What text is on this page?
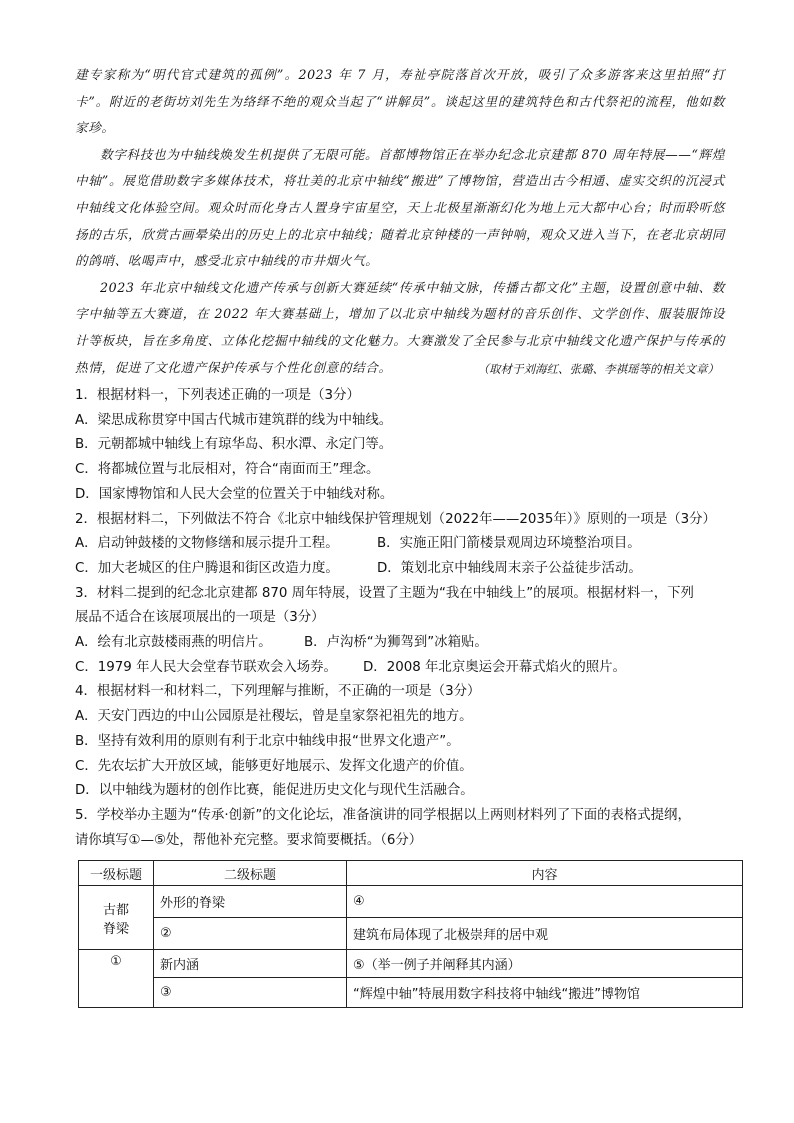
建专家称为“明代官式建筑的孤例”。2023 年 7 月，寿祉亭院落首次开放，吸引了众多游客来这里拍照“打卡”。附近的老街坊刘先生为络绎不绝的观众当起了“讲解员”。谈起这里的建筑特色和古代祭祀的流程，他如数家珍。

数字科技也为中轴线焕发生机提供了无限可能。首都博物馆正在举办纪念北京建都 870 周年特展——“辉煌中轴”。展览借助数字多媒体技术，将壮美的北京中轴线“搬进”了博物馆，营造出古今相通、虚实交织的沉浸式中轴线文化体验空间。观众时而化身古人置身宇宙星空，天上北极星渐渐幻化为地上元大都中心台；时而聆听悠扬的古乐，欣赏古画晕染出的历史上的北京中轴线；随着北京钟楼的一声钟响，观众又进入当下，在老北京胡同的鸽哨、吆喝声中，感受北京中轴线的市井烟火气。

2023 年北京中轴线文化遗产传承与创新大赛延续“传承中轴文脉，传播古都文化”主题，设置创意中轴、数字中轴等五大赛道，在 2022 年大赛基础上，增加了以北京中轴线为题材的音乐创作、文学创作、服装服饰设计等板块，旨在多角度、立体化挖掘中轴线的文化魅力。大赛激发了全民参与北京中轴线文化遗产保护与传承的热情，促进了文化遗产保护传承与个性化创意的结合。	（取材于刘海红、张璐、李祺瑶等的相关文章）
1．根据材料一，下列表述正确的一项是（3分）
A．梁思成称贯穿中国古代城市建筑群的线为中轴线。
B．元朝都城中轴线上有琼华岛、积水潭、永定门等。
C．将都城位置与北辰相对，符合“南面而王”理念。
D．国家博物馆和人民大会堂的位置关于中轴线对称。
2．根据材料二，下列做法不符合《北京中轴线保护管理规划（2022年——2035年）》原则的一项是（3分）
A．启动钟鼓楼的文物修缮和展示提升工程。	B．实施正阳门箭楼景观周边环境整治项目。
C．加大老城区的住户腾退和街区改造力度。	D．策划北京中轴线周末亲子公益徒步活动。
3．材料二提到的纪念北京建都 870 周年特展，设置了主题为“我在中轴线上”的展项。根据材料一，下列
展品不适合在该展项展出的一项是（3分）
A．绘有北京鼓楼雨燕的明信片。	B．卢沟桥“为狮驾到”冰箱贴。
C．1979 年人民大会堂春节联欢会入场券。	D．2008 年北京奥运会开幕式焰火的照片。
4．根据材料一和材料二，下列理解与推断，不正确的一项是（3分）
A．天安门西边的中山公园原是社稷坛，曾是皇家祭祀祖先的地方。
B．坚持有效利用的原则有利于北京中轴线申报“世界文化遗产”。
C．先农坛扩大开放区域，能够更好地展示、发挥文化遗产的价值。
D．以中轴线为题材的创作比赛，能促进历史文化与现代生活融合。
5．学校举办主题为“传承·创新”的文化论坛，准备演讲的同学根据以上两则材料列了下面的表格式提纲，
请你填写①—⑤处，帮他补充完整。要求简要概括。（6分）
一级标题	二级标题	内容

古都
脊梁	外形的脊梁	④
	②	建筑布局体现了北极崇拜的居中观
①	新内涵	⑤（举一例子并阐释其内涵）
	③	“辉煌中轴”特展用数字科技将中轴线“搬进”博物馆
